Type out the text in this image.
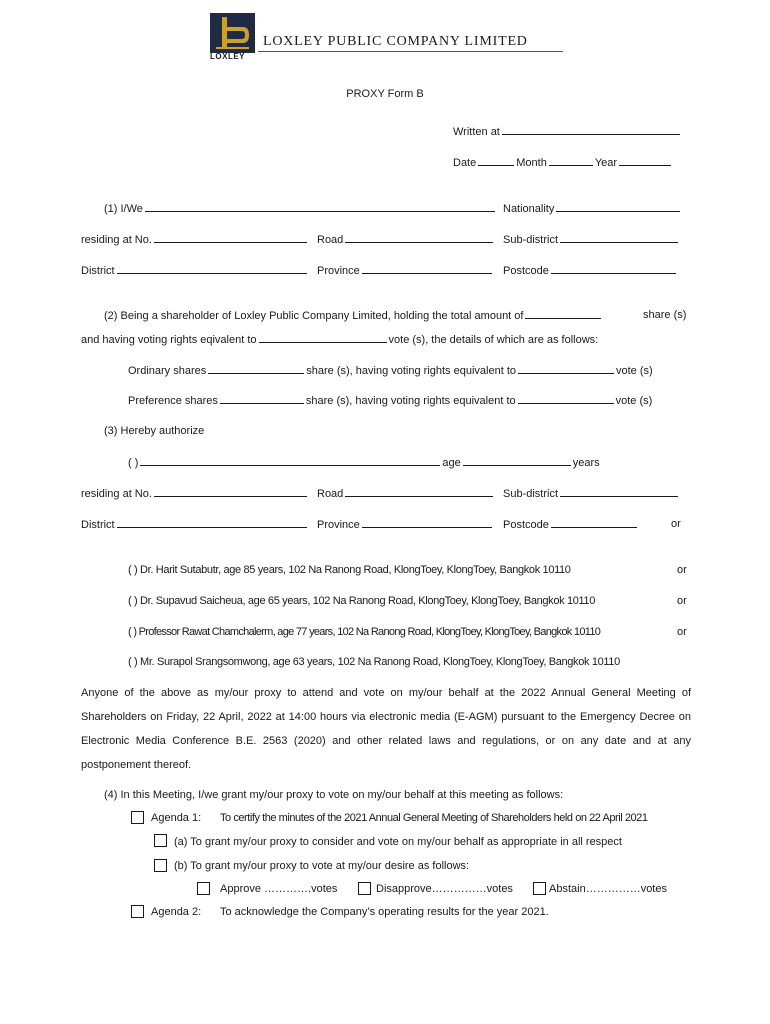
LOXLEY
LOXLEY PUBLIC COMPANY LIMITED
PROXY Form B
Written at
Date	Month	Year
(1) I/We	Nationality
residing at No.	Road	Sub-district
District	Province	Postcode
(2) Being a shareholder of Loxley Public Company Limited, holding the total amount of	share (s)
and having voting rights eqivalent to	vote (s), the details of which are as follows:
Ordinary shares	share (s), having voting rights equivalent to	vote (s)
Preference shares	share (s), having voting rights equivalent to	vote (s)
(3) Hereby authorize
( )	age	years
residing at No.	Road	Sub-district
District	Province	Postcode	or
( ) Dr. Harit Sutabutr, age 85 years, 102 Na Ranong Road, KlongToey, KlongToey, Bangkok 10110	or
( ) Dr. Supavud Saicheua, age 65 years, 102 Na Ranong Road, KlongToey, KlongToey, Bangkok 10110	or
( ) Professor Rawat Chamchalerm, age 77 years, 102 Na Ranong Road, KlongToey, KlongToey, Bangkok 10110	or
( ) Mr. Surapol Srangsomwong, age 63 years, 102 Na Ranong Road, KlongToey, KlongToey, Bangkok 10110
Anyone of the above as my/our proxy to attend and vote on my/our behalf at the 2022 Annual General Meeting of Shareholders on Friday, 22 April, 2022 at 14:00 hours via electronic media (E-AGM) pursuant to the Emergency Decree on Electronic Media Conference B.E. 2563 (2020) and other related laws and regulations, or on any date and at any postponement thereof.
(4) In this Meeting, I/we grant my/our proxy to vote on my/our behalf at this meeting as follows:
Agenda 1: To certify the minutes of the 2021 Annual General Meeting of Shareholders held on 22 April 2021
(a) To grant my/our proxy to consider and vote on my/our behalf as appropriate in all respect
(b) To grant my/our proxy to vote at my/our desire as follows:
Approve ………….votes	Disapprove……………votes	Abstain……………votes
Agenda 2: To acknowledge the Company’s operating results for the year 2021.
